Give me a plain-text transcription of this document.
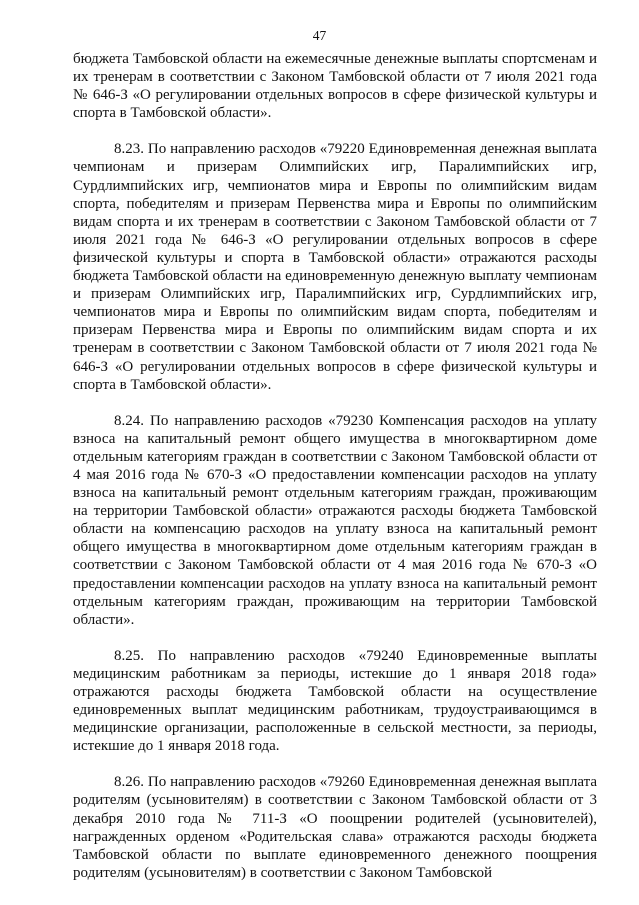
47

бюджета Тамбовской области на ежемесячные денежные выплаты спортсменам и их тренерам в соответствии с Законом Тамбовской области от 7 июля 2021 года № 646-З «О регулировании отдельных вопросов в сфере физической культуры и спорта в Тамбовской области».

8.23. По направлению расходов «79220 Единовременная денежная выплата чемпионам и призерам Олимпийских игр, Паралимпийских игр, Сурдлимпийских игр, чемпионатов мира и Европы по олимпийским видам спорта, победителям и призерам Первенства мира и Европы по олимпийским видам спорта и их тренерам в соответствии с Законом Тамбовской области от 7 июля 2021 года № 646-З «О регулировании отдельных вопросов в сфере физической культуры и спорта в Тамбовской области» отражаются расходы бюджета Тамбовской области на единовременную денежную выплату чемпионам и призерам Олимпийских игр, Паралимпийских игр, Сурдлимпийских игр, чемпионатов мира и Европы по олимпийским видам спорта, победителям и призерам Первенства мира и Европы по олимпийским видам спорта и их тренерам в соответствии с Законом Тамбовской области от 7 июля 2021 года № 646-З «О регулировании отдельных вопросов в сфере физической культуры и спорта в Тамбовской области».

8.24. По направлению расходов «79230 Компенсация расходов на уплату взноса на капитальный ремонт общего имущества в многоквартирном доме отдельным категориям граждан в соответствии с Законом Тамбовской области от 4 мая 2016 года № 670-З «О предоставлении компенсации расходов на уплату взноса на капитальный ремонт отдельным категориям граждан, проживающим на территории Тамбовской области» отражаются расходы бюджета Тамбовской области на компенсацию расходов на уплату взноса на капитальный ремонт общего имущества в многоквартирном доме отдельным категориям граждан в соответствии с Законом Тамбовской области от 4 мая 2016 года № 670-З «О предоставлении компенсации расходов на уплату взноса на капитальный ремонт отдельным категориям граждан, проживающим на территории Тамбовской области».

8.25. По направлению расходов «79240 Единовременные выплаты медицинским работникам за периоды, истекшие до 1 января 2018 года» отражаются расходы бюджета Тамбовской области на осуществление единовременных выплат медицинским работникам, трудоустраивающимся в медицинские организации, расположенные в сельской местности, за периоды, истекшие до 1 января 2018 года.

8.26. По направлению расходов «79260 Единовременная денежная выплата родителям (усыновителям) в соответствии с Законом Тамбовской области от 3 декабря 2010 года № 711-З «О поощрении родителей (усыновителей), награжденных орденом «Родительская слава» отражаются расходы бюджета Тамбовской области по выплате единовременного денежного поощрения родителям (усыновителям) в соответствии с Законом Тамбовской
